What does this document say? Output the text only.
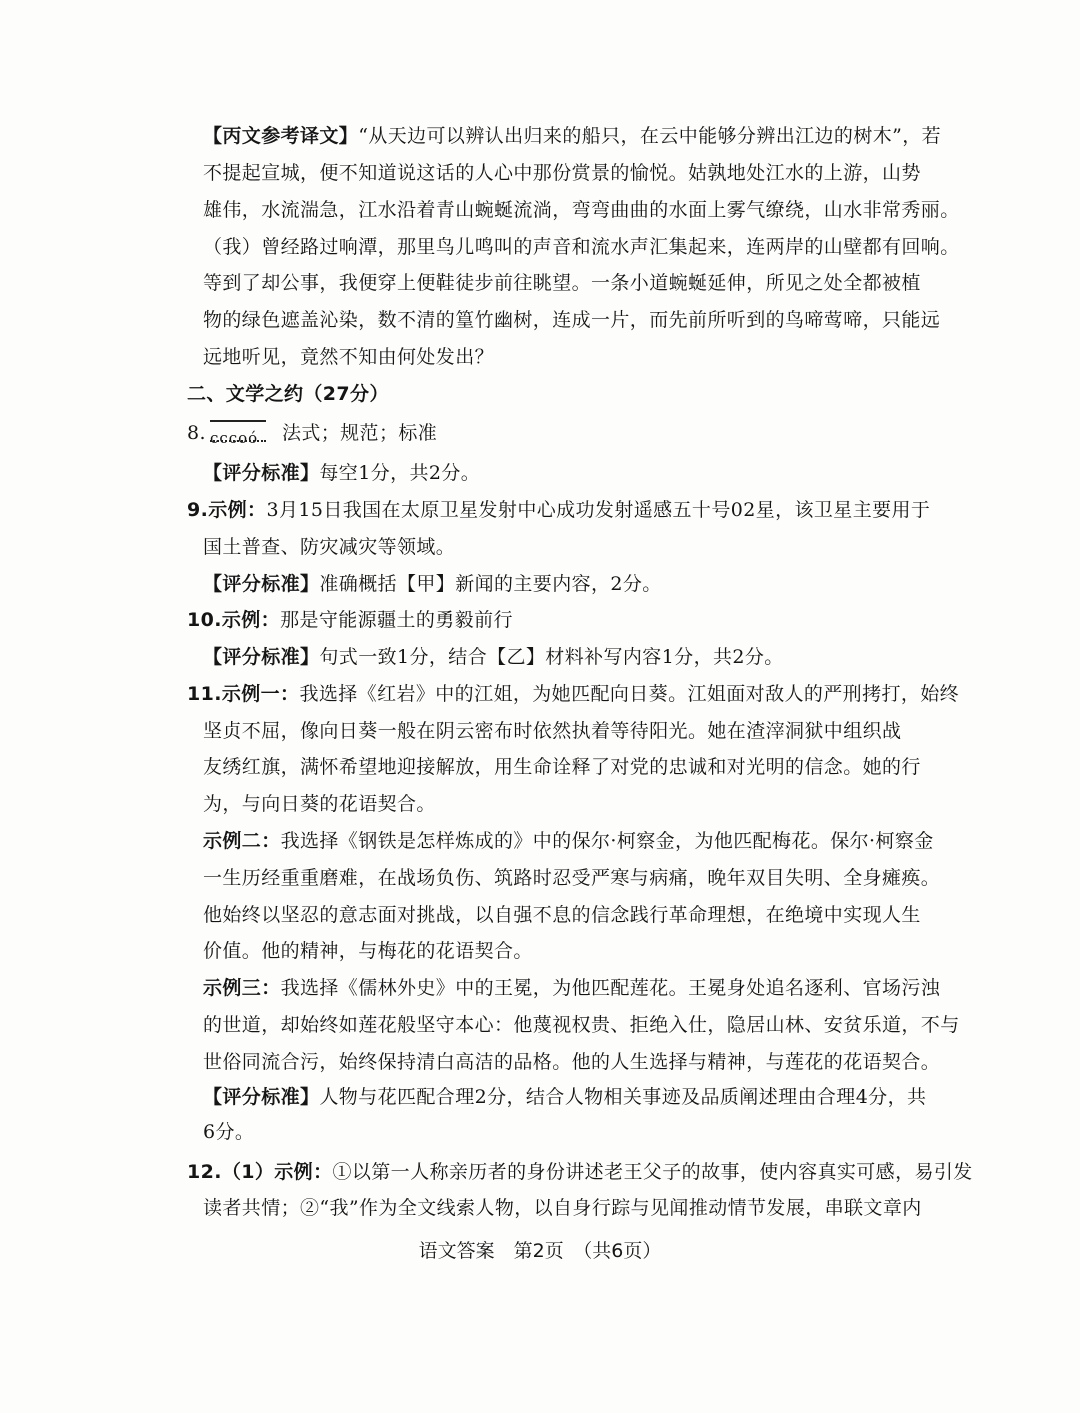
【丙文参考译文】“从天边可以辨认出归来的船只，在云中能够分辨出江边的树木”，若
不提起宣城，便不知道说这话的人心中那份赏景的愉悦。姑孰地处江水的上游，山势
雄伟，水流湍急，江水沿着青山蜿蜒流淌，弯弯曲曲的水面上雾气缭绕，山水非常秀丽。
（我）曾经路过响潭，那里鸟儿鸣叫的声音和流水声汇集起来，连两岸的山壁都有回响。
等到了却公事，我便穿上便鞋徒步前往眺望。一条小道蜿蜒延伸，所见之处全都被植
物的绿色遮盖沁染，数不清的篁竹幽树，连成一片，而先前所听到的鸟啼莺啼，只能远
远地听见，竟然不知由何处发出？
二、文学之约（27分）
8. cccoó 法式；规范；标准
【评分标准】每空1分，共2分。
9.示例：3月15日我国在太原卫星发射中心成功发射遥感五十号02星，该卫星主要用于
国土普查、防灾减灾等领域。
【评分标准】准确概括【甲】新闻的主要内容，2分。
10.示例：那是守能源疆土的勇毅前行
【评分标准】句式一致1分，结合【乙】材料补写内容1分，共2分。
11.示例一：我选择《红岩》中的江姐，为她匹配向日葵。江姐面对敌人的严刑拷打，始终
坚贞不屈，像向日葵一般在阴云密布时依然执着等待阳光。她在渣滓洞狱中组织战
友绣红旗，满怀希望地迎接解放，用生命诠释了对党的忠诚和对光明的信念。她的行
为，与向日葵的花语契合。
示例二：我选择《钢铁是怎样炼成的》中的保尔·柯察金，为他匹配梅花。保尔·柯察金
一生历经重重磨难，在战场负伤、筑路时忍受严寒与病痛，晚年双目失明、全身瘫痪。
他始终以坚忍的意志面对挑战，以自强不息的信念践行革命理想，在绝境中实现人生
价值。他的精神，与梅花的花语契合。
示例三：我选择《儒林外史》中的王冕，为他匹配莲花。王冕身处追名逐利、官场污浊
的世道，却始终如莲花般坚守本心：他蔑视权贵、拒绝入仕，隐居山林、安贫乐道，不与
世俗同流合污，始终保持清白高洁的品格。他的人生选择与精神，与莲花的花语契合。
【评分标准】人物与花匹配合理2分，结合人物相关事迹及品质阐述理由合理4分，共
6分。
12.（1）示例：①以第一人称亲历者的身份讲述老王父子的故事，使内容真实可感，易引发
读者共情；②“我”作为全文线索人物，以自身行踪与见闻推动情节发展，串联文章内
语文答案　第2页　（共6页）
